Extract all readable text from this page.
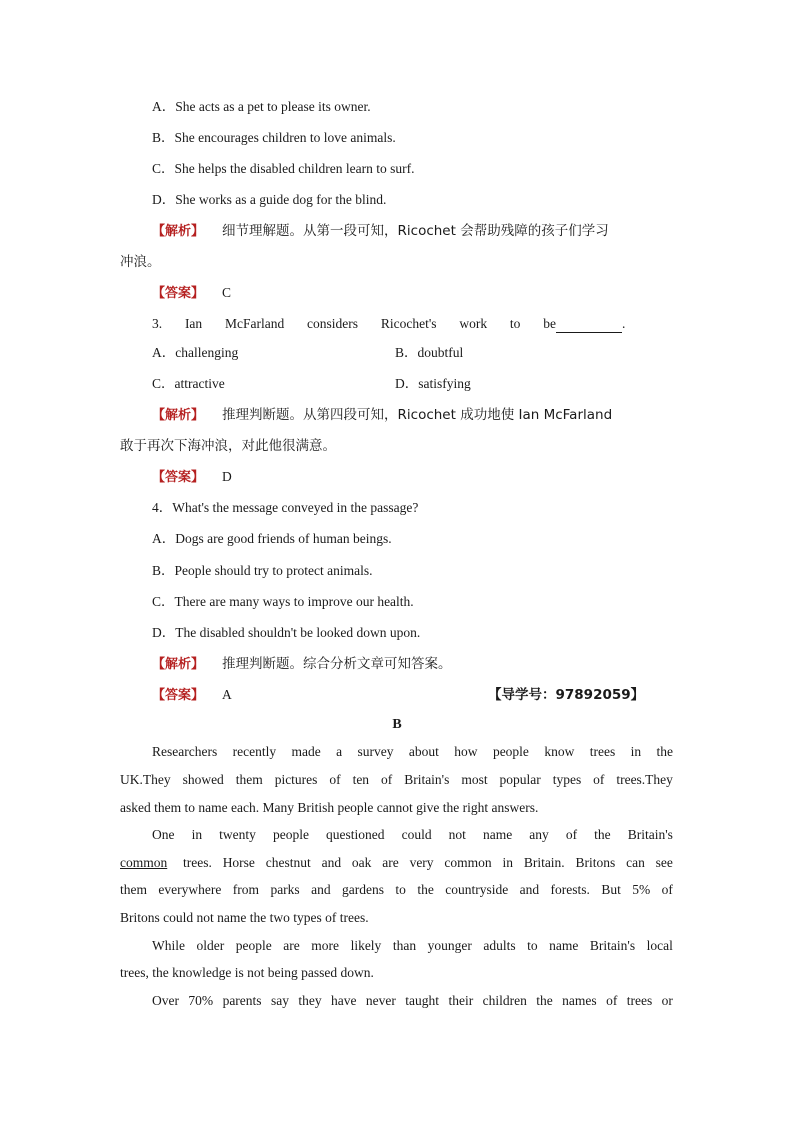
A．She acts as a pet to please its owner.
B．She encourages children to love animals.
C．She helps the disabled children learn to surf.
D．She works as a guide dog for the blind.
【解析】 细节理解题。从第一段可知，Ricochet 会帮助残障的孩子们学习
冲浪。
【答案】 C
3. Ian McFarland considers Ricochet's work to be	.
A．challenging	B．doubtful
C．attractive	D．satisfying
【解析】 推理判断题。从第四段可知，Ricochet 成功地使 Ian McFarland
敢于再次下海冲浪，对此他很满意。
【答案】 D
4．What's the message conveyed in the passage?
A．Dogs are good friends of human beings.
B．People should try to protect animals.
C．There are many ways to improve our health.
D．The disabled shouldn't be looked down upon.
【解析】 推理判断题。综合分析文章可知答案。
【答案】 A	【导学号：97892059】
B
Researchers recently made a survey about how people know trees in the
UK.They showed them pictures of ten of Britain's most popular types of trees.They
asked them to name each. Many British people cannot give the right answers.
One in twenty people questioned could not name any of the Britain's
common trees. Horse chestnut and oak are very common in Britain. Britons can see
them everywhere from parks and gardens to the countryside and forests. But 5% of
Britons could not name the two types of trees.
While older people are more likely than younger adults to name Britain's local
trees, the knowledge is not being passed down.
Over 70% parents say they have never taught their children the names of trees or
